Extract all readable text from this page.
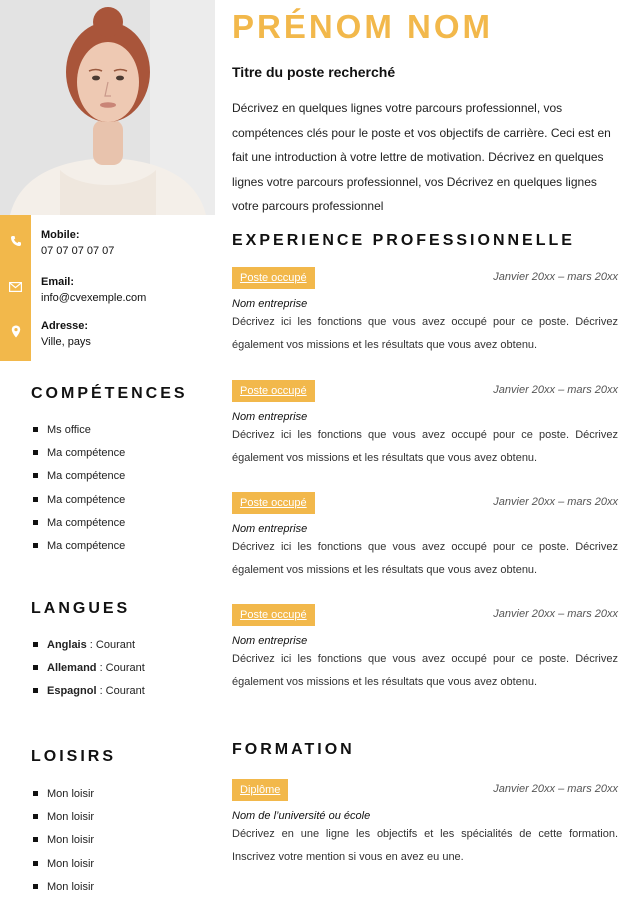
Mobile:
07 07 07 07 07
Email:
info@cvexemple.com
Adresse:
Ville, pays
COMPÉTENCES
Ms office
Ma compétence
Ma compétence
Ma compétence
Ma compétence
Ma compétence
LANGUES
Anglais : Courant
Allemand : Courant
Espagnol : Courant
LOISIRS
Mon loisir
Mon loisir
Mon loisir
Mon loisir
Mon loisir
PRÉNOM NOM
Titre du poste recherché
Décrivez en quelques lignes votre parcours professionnel, vos compétences clés pour le poste et vos objectifs de carrière. Ceci est en fait une introduction à votre lettre de motivation. Décrivez en quelques lignes votre parcours professionnel, vos Décrivez en quelques lignes votre parcours professionnel
EXPERIENCE PROFESSIONNELLE
Poste occupé	Janvier 20xx – mars 20xx
Nom entreprise
Décrivez ici les fonctions que vous avez occupé pour ce poste. Décrivez également vos missions et les résultats que vous avez obtenu.
Poste occupé	Janvier 20xx – mars 20xx
Nom entreprise
Décrivez ici les fonctions que vous avez occupé pour ce poste. Décrivez également vos missions et les résultats que vous avez obtenu.
Poste occupé	Janvier 20xx – mars 20xx
Nom entreprise
Décrivez ici les fonctions que vous avez occupé pour ce poste. Décrivez également vos missions et les résultats que vous avez obtenu.
Poste occupé	Janvier 20xx – mars 20xx
Nom entreprise
Décrivez ici les fonctions que vous avez occupé pour ce poste. Décrivez également vos missions et les résultats que vous avez obtenu.
FORMATION
Diplôme	Janvier 20xx – mars 20xx
Nom de l’université ou école
Décrivez en une ligne les objectifs et les spécialités de cette formation. Inscrivez votre mention si vous en avez eu une.
